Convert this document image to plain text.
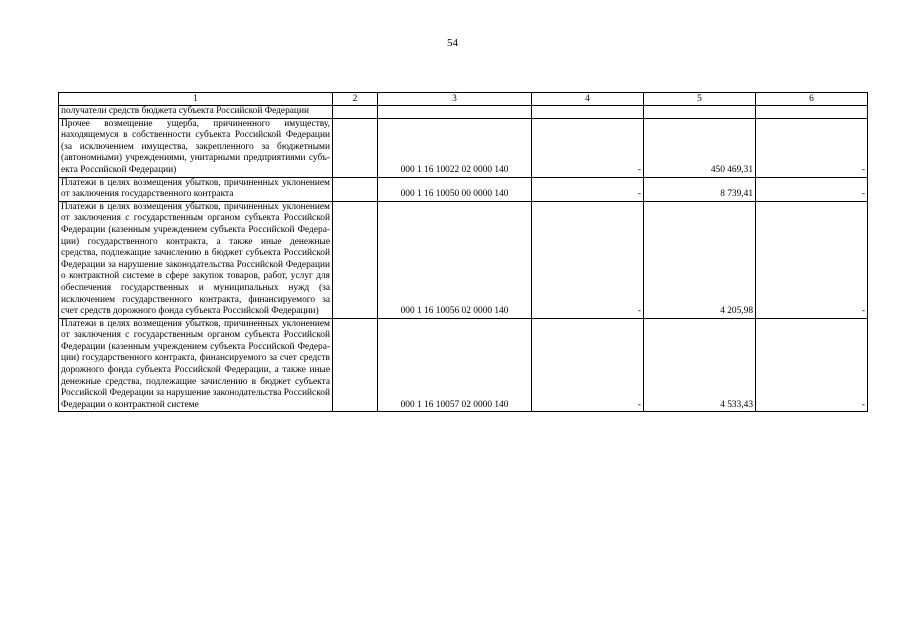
54
1	2	3	4	5	6
получатели средств бюджета субъекта Российской Федерации					
Прочее возмещение ущерба, причиненного имуществу, находящемуся в собственности субъекта Российской Федерации (за исключением имущества, закрепленного за бюджетными (автономными) учреждениями, унитарными предприятиями субъекта Российской Федерации)		000 1 16 10022 02 0000 140	-	450 469,31	-
Платежи в целях возмещения убытков, причиненных уклонением от заключения государственного контракта		000 1 16 10050 00 0000 140	-	8 739,41	-
Платежи в целях возмещения убытков, причиненных уклонением от заключения с государственным органом субъекта Российской Федерации (казенным учреждением субъекта Российской Федерации) государственного контракта, а также иные денежные средства, подлежащие зачислению в бюджет субъекта Российской Федерации за нарушение законодательства Российской Федерации о контрактной системе в сфере закупок товаров, работ, услуг для обеспечения государственных и муниципальных нужд (за исключением государственного контракта, финансируемого за счет средств дорожного фонда субъекта Российской Федерации)		000 1 16 10056 02 0000 140	-	4 205,98	-
Платежи в целях возмещения убытков, причиненных уклонением от заключения с государственным органом субъекта Российской Федерации (казенным учреждением субъекта Российской Федерации) государственного контракта, финансируемого за счет средств дорожного фонда субъекта Российской Федерации, а также иные денежные средства, подлежащие зачислению в бюджет субъекта Российской Федерации за нарушение законодательства Российской Федерации о контрактной системе		000 1 16 10057 02 0000 140	-	4 533,43	-
